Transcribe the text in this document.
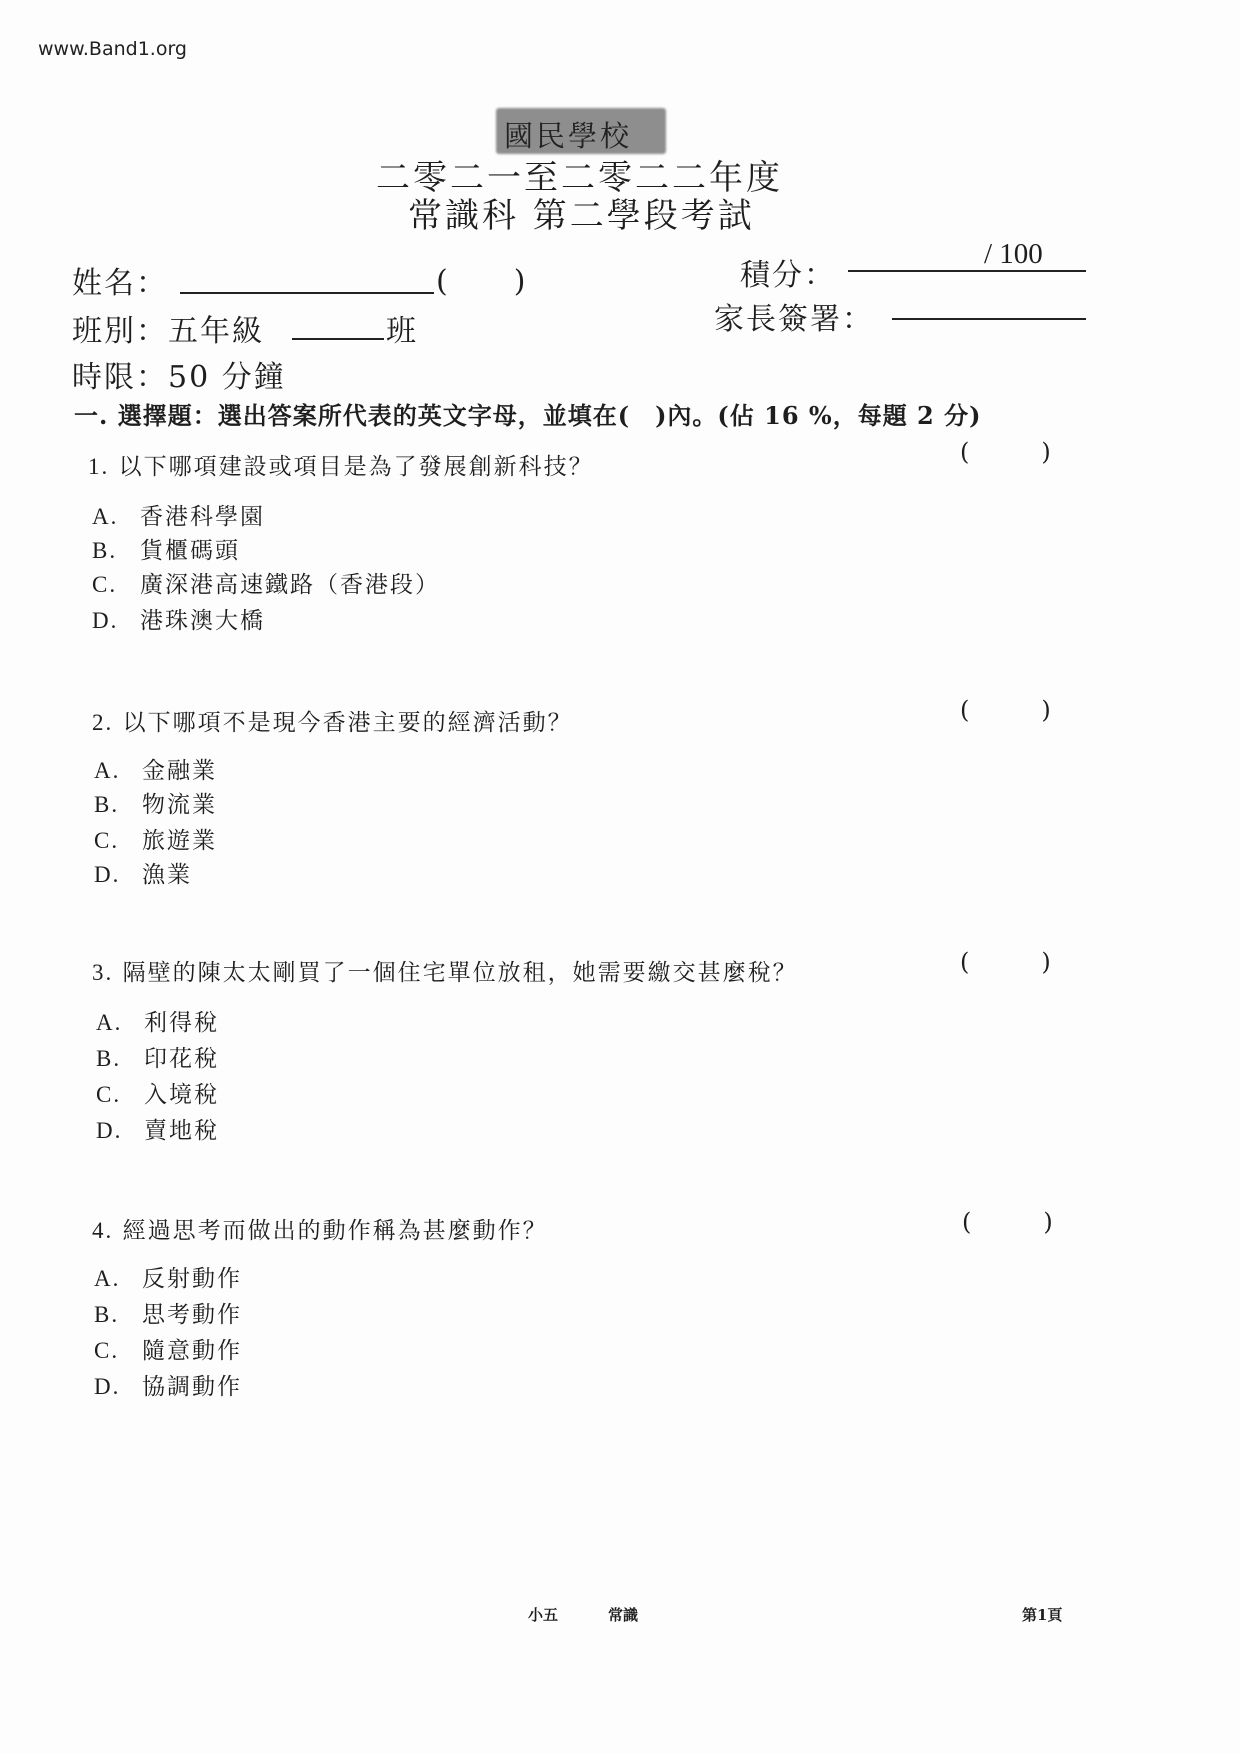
www.Band1.org
國民學校
二零二一至二零二二年度
常識科 第二學段考試
姓名：	(　　)
班別：五年級	班
時限：50 分鐘
積分：
/ 100
家長簽署：
一. 選擇題：選出答案所代表的英文字母，並填在(　)內。(佔 16 %，每題 2 分)
1. 以下哪項建設或項目是為了發展創新科技？
(　　　)
A. 香港科學園
B. 貨櫃碼頭
C. 廣深港高速鐵路（香港段）
D. 港珠澳大橋
2. 以下哪項不是現今香港主要的經濟活動？	(　　　)
A. 金融業
B. 物流業
C. 旅遊業
D. 漁業
3. 隔壁的陳太太剛買了一個住宅單位放租，她需要繳交甚麼稅？	(　　　)
A. 利得稅
B. 印花稅
C. 入境稅
D. 賣地稅
4. 經過思考而做出的動作稱為甚麼動作？	(　　　)
A. 反射動作
B. 思考動作
C. 隨意動作
D. 協調動作
小五	常識	第1頁
